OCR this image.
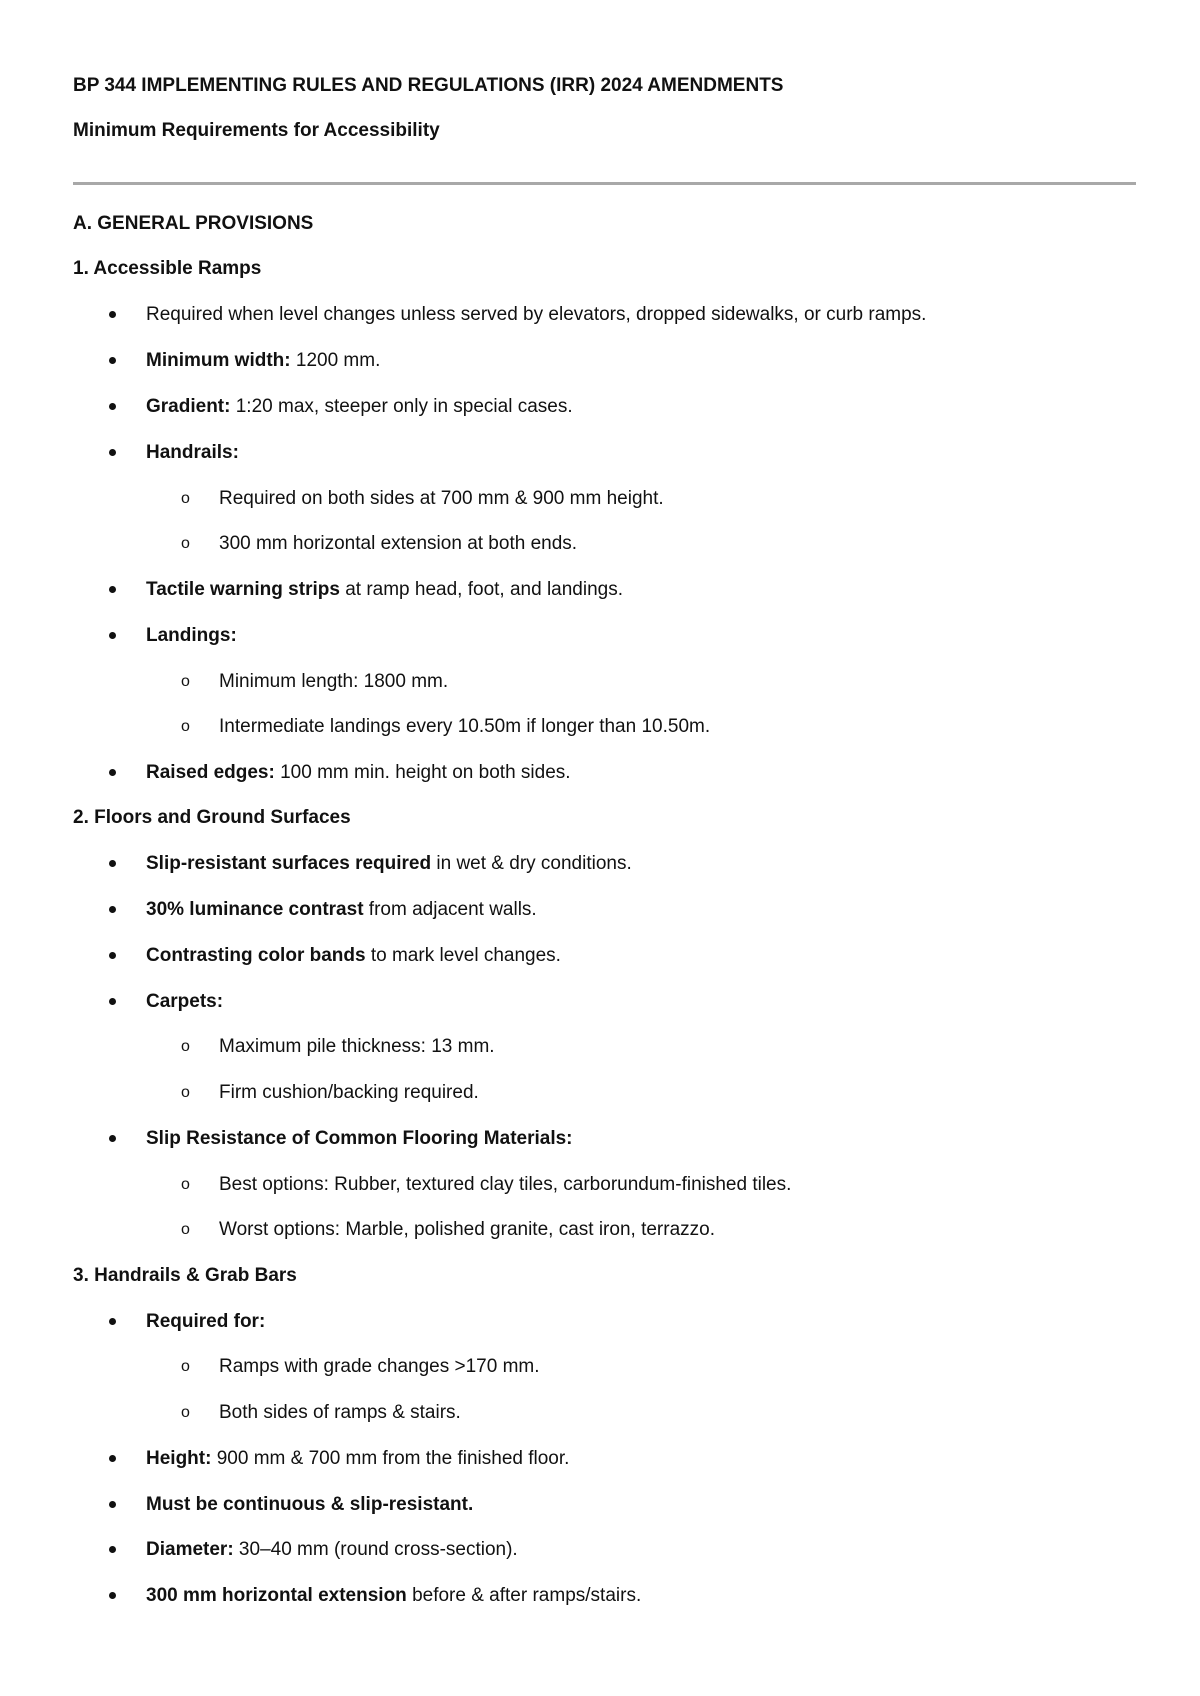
BP 344 IMPLEMENTING RULES AND REGULATIONS (IRR) 2024 AMENDMENTS
Minimum Requirements for Accessibility
A. GENERAL PROVISIONS
1. Accessible Ramps
Required when level changes unless served by elevators, dropped sidewalks, or curb ramps.
Minimum width: 1200 mm.
Gradient: 1:20 max, steeper only in special cases.
Handrails:
o Required on both sides at 700 mm & 900 mm height.
o 300 mm horizontal extension at both ends.
Tactile warning strips at ramp head, foot, and landings.
Landings:
o Minimum length: 1800 mm.
o Intermediate landings every 10.50m if longer than 10.50m.
Raised edges: 100 mm min. height on both sides.
2. Floors and Ground Surfaces
Slip-resistant surfaces required in wet & dry conditions.
30% luminance contrast from adjacent walls.
Contrasting color bands to mark level changes.
Carpets:
o Maximum pile thickness: 13 mm.
o Firm cushion/backing required.
Slip Resistance of Common Flooring Materials:
o Best options: Rubber, textured clay tiles, carborundum-finished tiles.
o Worst options: Marble, polished granite, cast iron, terrazzo.
3. Handrails & Grab Bars
Required for:
o Ramps with grade changes >170 mm.
o Both sides of ramps & stairs.
Height: 900 mm & 700 mm from the finished floor.
Must be continuous & slip-resistant.
Diameter: 30–40 mm (round cross-section).
300 mm horizontal extension before & after ramps/stairs.
